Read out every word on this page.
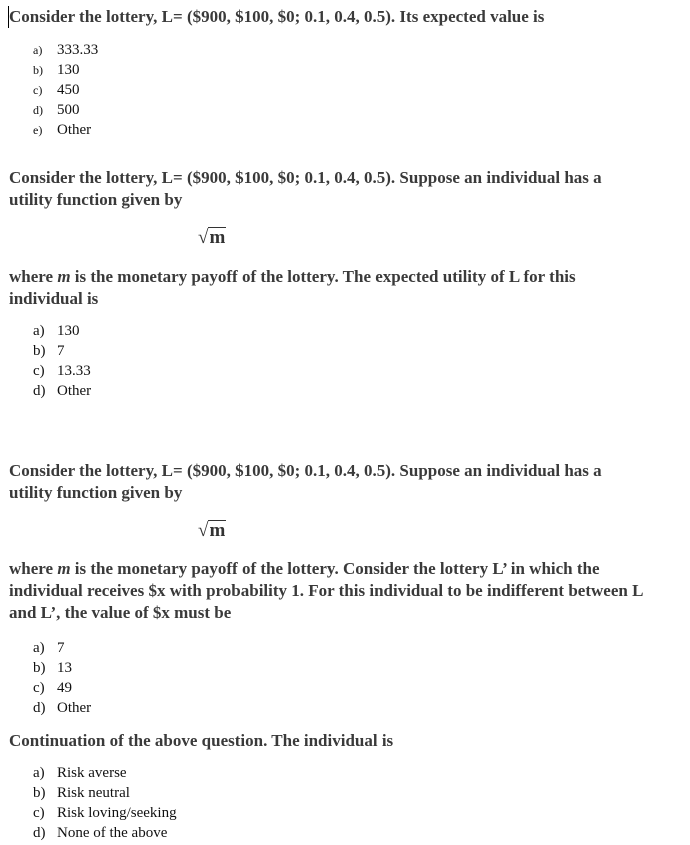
Consider the lottery, L= ($900, $100, $0; 0.1, 0.4, 0.5). Its expected value is
a) 333.33
b) 130
c) 450
d) 500
e) Other
Consider the lottery, L= ($900, $100, $0; 0.1, 0.4, 0.5). Suppose an individual has a utility function given by
√m
where m is the monetary payoff of the lottery. The expected utility of L for this individual is
a) 130
b) 7
c) 13.33
d) Other
Consider the lottery, L= ($900, $100, $0; 0.1, 0.4, 0.5). Suppose an individual has a utility function given by
√m
where m is the monetary payoff of the lottery. Consider the lottery L’ in which the individual receives $x with probability 1. For this individual to be indifferent between L and L’, the value of $x must be
a) 7
b) 13
c) 49
d) Other
Continuation of the above question. The individual is
a) Risk averse
b) Risk neutral
c) Risk loving/seeking
d) None of the above
